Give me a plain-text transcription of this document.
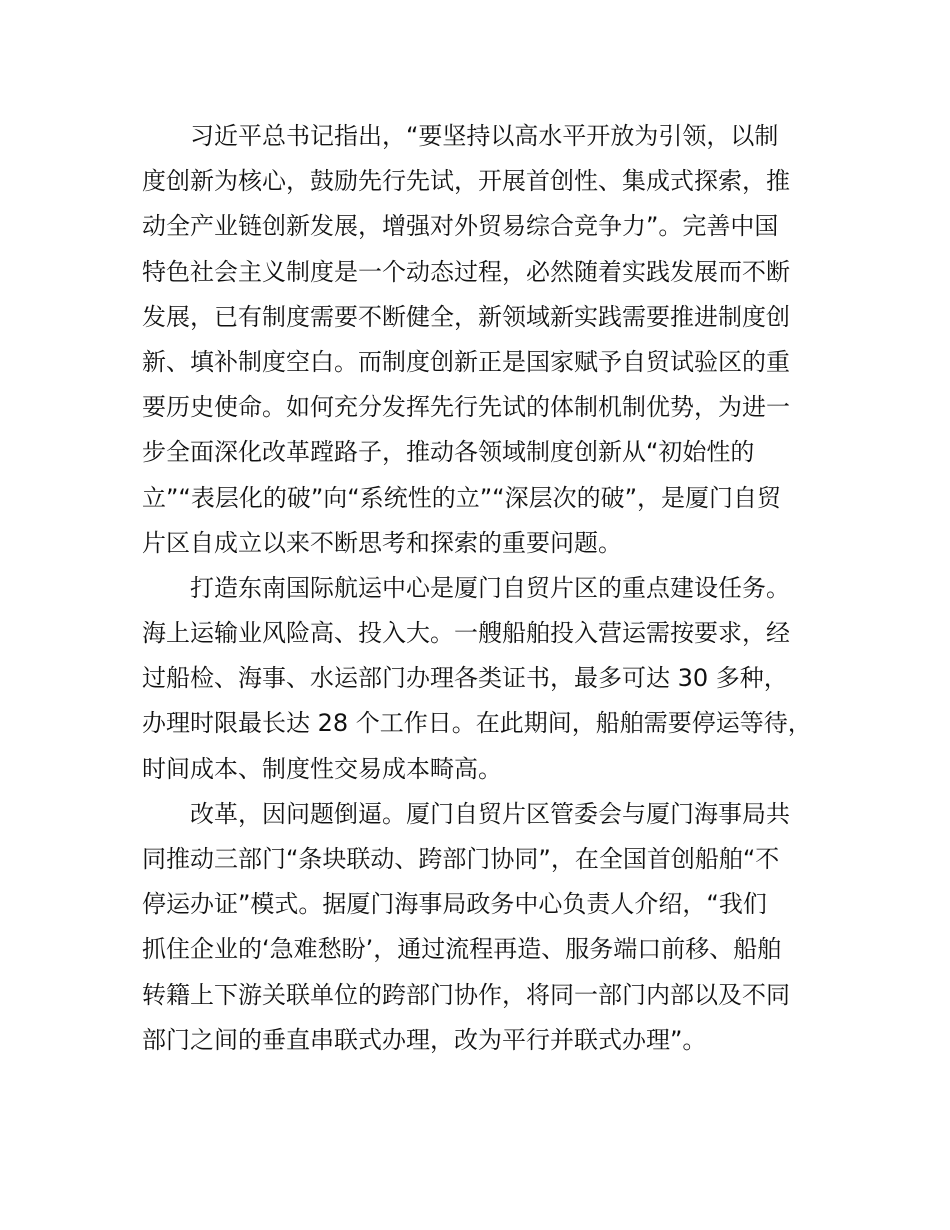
习近平总书记指出，“要坚持以高水平开放为引领，以制
度创新为核心，鼓励先行先试，开展首创性、集成式探索，推
动全产业链创新发展，增强对外贸易综合竞争力”。完善中国
特色社会主义制度是一个动态过程，必然随着实践发展而不断
发展，已有制度需要不断健全，新领域新实践需要推进制度创
新、填补制度空白。而制度创新正是国家赋予自贸试验区的重
要历史使命。如何充分发挥先行先试的体制机制优势，为进一
步全面深化改革蹚路子，推动各领域制度创新从“初始性的
立”“表层化的破”向“系统性的立”“深层次的破”，是厦门自贸
片区自成立以来不断思考和探索的重要问题。
打造东南国际航运中心是厦门自贸片区的重点建设任务。
海上运输业风险高、投入大。一艘船舶投入营运需按要求，经
过船检、海事、水运部门办理各类证书，最多可达 30 多种，
办理时限最长达 28 个工作日。在此期间，船舶需要停运等待，
时间成本、制度性交易成本畸高。
改革，因问题倒逼。厦门自贸片区管委会与厦门海事局共
同推动三部门“条块联动、跨部门协同”，在全国首创船舶“不
停运办证”模式。据厦门海事局政务中心负责人介绍，“我们
抓住企业的‘急难愁盼’，通过流程再造、服务端口前移、船舶
转籍上下游关联单位的跨部门协作，将同一部门内部以及不同
部门之间的垂直串联式办理，改为平行并联式办理”。
